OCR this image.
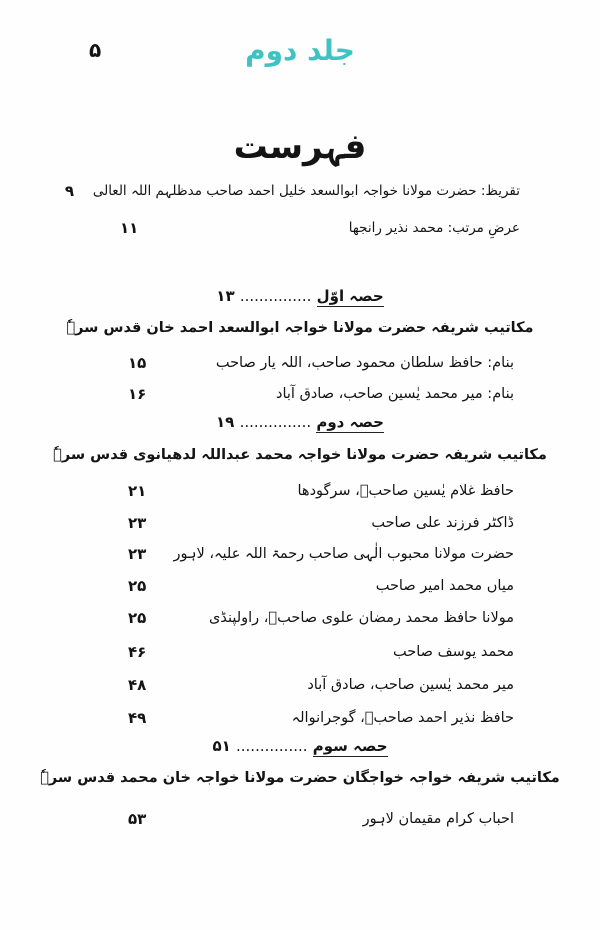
۵	جلد دوم
فہرست
تقریظ: حضرت مولانا خواجہ ابوالسعد خلیل احمد صاحب مدظلہم اللہ العالی
۹
عرضِ مرتب: محمد نذیر رانجھا
۱۱
حصہ اوّل ............... ۱۳
مکاتیب شریفہ حضرت مولانا خواجہ ابوالسعد احمد خان قدس سرہٗ
بنام: حافظ سلطان محمود صاحب، اللہ یار صاحب
۱۵
بنام: میر محمد یٰسین صاحب، صادق آباد
۱۶
حصہ دوم ............... ۱۹
مکاتیب شریفہ حضرت مولانا خواجہ محمد عبداللہ لدھیانوی قدس سرہٗ
حافظ غلام یٰسین صاحبؒ، سرگودھا
۲۱
ڈاکٹر فرزند علی صاحب
۲۳
حضرت مولانا محبوب الٰہی صاحب رحمۃ اللہ علیہ، لاہور
۲۳
میاں محمد امیر صاحب
۲۵
مولانا حافظ محمد رمضان علوی صاحبؒ، راولپنڈی
۲۵
محمد یوسف صاحب
۴۶
میر محمد یٰسین صاحب، صادق آباد
۴۸
حافظ نذیر احمد صاحبؒ، گوجرانوالہ
۴۹
حصہ سوم ............... ۵۱
مکاتیب شریفہ خواجہ خواجگان حضرت مولانا خواجہ خان محمد قدس سرہٗ
احباب کرام مقیمان لاہور
۵۳
